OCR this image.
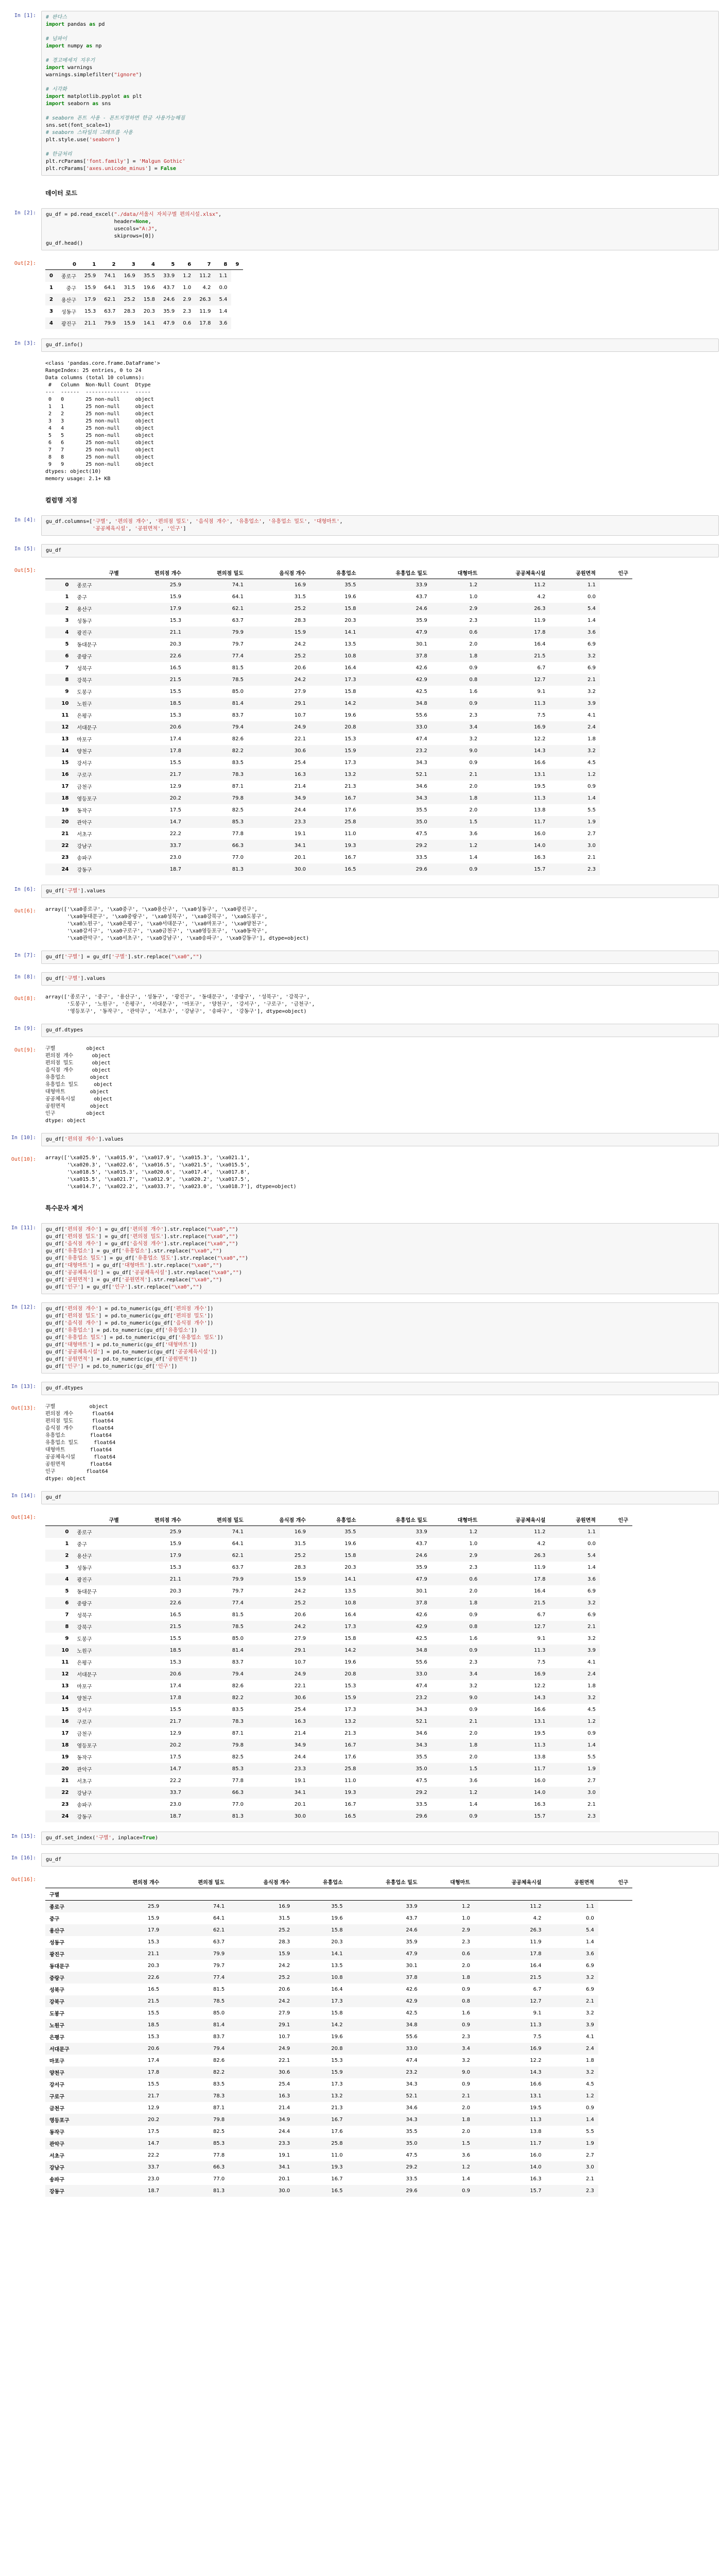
In [1]:	# 판다스
import pandas as pd

# 넘파이
import numpy as np

# 경고메세지 지우기
import warnings
warnings.simplefilter("ignore")

# 시각화
import matplotlib.pyplot as plt
import seaborn as sns

# seaborn 폰트 사용 - 폰트지정하면 한글 사용가능해짐
sns.set(font_scale=1)
# seaborn 스타일의 그래프를 사용
plt.style.use('seaborn')

# 한글처리
plt.rcParams['font.family'] = 'Malgun Gothic'
plt.rcParams['axes.unicode_minus'] = False
데이터 로드
In [2]:	gu_df = pd.read_excel("./data/서울시 자치구별 편의시설.xlsx",
header=None,
usecols="A:J",
skiprows=[0])
gu_df.head()
Out[2]:
		0	1	2	3	4	5	6	7	8	9
0	종로구	25.9	74.1	16.9	35.5	33.9	1.2	11.2	1.1	
1	중구	15.9	64.1	31.5	19.6	43.7	1.0	4.2	0.0	
2	용산구	17.9	62.1	25.2	15.8	24.6	2.9	26.3	5.4	
3	성동구	15.3	63.7	28.3	20.3	35.9	2.3	11.9	1.4	
4	광진구	21.1	79.9	15.9	14.1	47.9	0.6	17.8	3.6	
In [3]:	gu_df.info()
<class 'pandas.core.frame.DataFrame'>
RangeIndex: 25 entries, 0 to 24
Data columns (total 10 columns):
#   Column  Non-Null Count  Dtype
---  ------  --------------  -----
0   0       25 non-null     object
1   1       25 non-null     object
2   2       25 non-null     object
3   3       25 non-null     object
4   4       25 non-null     object
5   5       25 non-null     object
6   6       25 non-null     object
7   7       25 non-null     object
8   8       25 non-null     object
9   9       25 non-null     object
dtypes: object(10)
memory usage: 2.1+ KB
컬럼명 지정
In [4]:	gu_df.columns=['구별', '편의점 개수', '편의점 밀도', '음식점 개수', '유흥업소', '유흥업소 밀도', '대형마트',
'공공체육시설', '공원면적', '인구']
In [5]:	gu_df
Out[5]:
	구별	편의점 개수	편의점 밀도	음식점 개수	유흥업소	유흥업소 밀도	대형마트	공공체육시설	공원면적	인구
0	종로구	25.9	74.1	16.9	35.5	33.9	1.2	11.2	1.1	
1	중구	15.9	64.1	31.5	19.6	43.7	1.0	4.2	0.0	
2	용산구	17.9	62.1	25.2	15.8	24.6	2.9	26.3	5.4	
3	성동구	15.3	63.7	28.3	20.3	35.9	2.3	11.9	1.4	
4	광진구	21.1	79.9	15.9	14.1	47.9	0.6	17.8	3.6	
5	동대문구	20.3	79.7	24.2	13.5	30.1	2.0	16.4	6.9	
6	중랑구	22.6	77.4	25.2	10.8	37.8	1.8	21.5	3.2	
7	성북구	16.5	81.5	20.6	16.4	42.6	0.9	6.7	6.9	
8	강북구	21.5	78.5	24.2	17.3	42.9	0.8	12.7	2.1	
9	도봉구	15.5	85.0	27.9	15.8	42.5	1.6	9.1	3.2	
10	노원구	18.5	81.4	29.1	14.2	34.8	0.9	11.3	3.9	
11	은평구	15.3	83.7	10.7	19.6	55.6	2.3	7.5	4.1	
12	서대문구	20.6	79.4	24.9	20.8	33.0	3.4	16.9	2.4	
13	마포구	17.4	82.6	22.1	15.3	47.4	3.2	12.2	1.8	
14	양천구	17.8	82.2	30.6	15.9	23.2	9.0	14.3	3.2	
15	강서구	15.5	83.5	25.4	17.3	34.3	0.9	16.6	4.5	
16	구로구	21.7	78.3	16.3	13.2	52.1	2.1	13.1	1.2	
17	금천구	12.9	87.1	21.4	21.3	34.6	2.0	19.5	0.9	
18	영등포구	20.2	79.8	34.9	16.7	34.3	1.8	11.3	1.4	
19	동작구	17.5	82.5	24.4	17.6	35.5	2.0	13.8	5.5	
20	관악구	14.7	85.3	23.3	25.8	35.0	1.5	11.7	1.9	
21	서초구	22.2	77.8	19.1	11.0	47.5	3.6	16.0	2.7	
22	강남구	33.7	66.3	34.1	19.3	29.2	1.2	14.0	3.0	
23	송파구	23.0	77.0	20.1	16.7	33.5	1.4	16.3	2.1	
24	강동구	18.7	81.3	30.0	16.5	29.6	0.9	15.7	2.3	
In [6]:	gu_df['구별'].values
Out[6]:	array(['\xa0종로구', '\xa0중구', '\xa0용산구', '\xa0성동구', '\xa0광진구',
'\xa0동대문구', '\xa0중랑구', '\xa0성북구', '\xa0강북구', '\xa0도봉구',
'\xa0노원구', '\xa0은평구', '\xa0서대문구', '\xa0마포구', '\xa0양천구',
'\xa0강서구', '\xa0구로구', '\xa0금천구', '\xa0영등포구', '\xa0동작구',
'\xa0관악구', '\xa0서초구', '\xa0강남구', '\xa0송파구', '\xa0강동구'], dtype=object)
In [7]:	gu_df['구별'] = gu_df['구별'].str.replace("\xa0","")
In [8]:	gu_df['구별'].values
Out[8]:	array(['종로구', '중구', '용산구', '성동구', '광진구', '동대문구', '중랑구', '성북구', '강북구',
'도봉구', '노원구', '은평구', '서대문구', '마포구', '양천구', '강서구', '구로구', '금천구',
'영등포구', '동작구', '관악구', '서초구', '강남구', '송파구', '강동구'], dtype=object)
In [9]:	gu_df.dtypes
Out[9]:	구별          object
편의점 개수      object
편의점 밀도      object
음식점 개수      object
유흥업소        object
유흥업소 밀도     object
대형마트        object
공공체육시설      object
공원면적        object
인구          object
dtype: object
In [10]:	gu_df['편의점 개수'].values
Out[10]:	array(['\xa025.9', '\xa015.9', '\xa017.9', '\xa015.3', '\xa021.1',
'\xa020.3', '\xa022.6', '\xa016.5', '\xa021.5', '\xa015.5',
'\xa018.5', '\xa015.3', '\xa020.6', '\xa017.4', '\xa017.8',
'\xa015.5', '\xa021.7', '\xa012.9', '\xa020.2', '\xa017.5',
'\xa014.7', '\xa022.2', '\xa033.7', '\xa023.0', '\xa018.7'], dtype=object)
특수문자 제거
In [11]:	gu_df['편의점 개수'] = gu_df['편의점 개수'].str.replace("\xa0","")
gu_df['편의점 밀도'] = gu_df['편의점 밀도'].str.replace("\xa0","")
gu_df['음식점 개수'] = gu_df['음식점 개수'].str.replace("\xa0","")
gu_df['유흥업소'] = gu_df['유흥업소'].str.replace("\xa0","")
gu_df['유흥업소 밀도'] = gu_df['유흥업소 밀도'].str.replace("\xa0","")
gu_df['대형마트'] = gu_df['대형마트'].str.replace("\xa0","")
gu_df['공공체육시설'] = gu_df['공공체육시설'].str.replace("\xa0","")
gu_df['공원면적'] = gu_df['공원면적'].str.replace("\xa0","")
gu_df['인구'] = gu_df['인구'].str.replace("\xa0","")
In [12]:	gu_df['편의점 개수'] = pd.to_numeric(gu_df['편의점 개수'])
gu_df['편의점 밀도'] = pd.to_numeric(gu_df['편의점 밀도'])
gu_df['음식점 개수'] = pd.to_numeric(gu_df['음식점 개수'])
gu_df['유흥업소'] = pd.to_numeric(gu_df['유흥업소'])
gu_df['유흥업소 밀도'] = pd.to_numeric(gu_df['유흥업소 밀도'])
gu_df['대형마트'] = pd.to_numeric(gu_df['대형마트'])
gu_df['공공체육시설'] = pd.to_numeric(gu_df['공공체육시설'])
gu_df['공원면적'] = pd.to_numeric(gu_df['공원면적'])
gu_df['인구'] = pd.to_numeric(gu_df['인구'])
In [13]:	gu_df.dtypes
Out[13]:	구별           object
편의점 개수      float64
편의점 밀도      float64
음식점 개수      float64
유흥업소        float64
유흥업소 밀도     float64
대형마트        float64
공공체육시설      float64
공원면적        float64
인구          float64
dtype: object
In [14]:	gu_df
Out[14]:
	구별	편의점 개수	편의점 밀도	음식점 개수	유흥업소	유흥업소 밀도	대형마트	공공체육시설	공원면적	인구
0	종로구	25.9	74.1	16.9	35.5	33.9	1.2	11.2	1.1	
1	중구	15.9	64.1	31.5	19.6	43.7	1.0	4.2	0.0	
2	용산구	17.9	62.1	25.2	15.8	24.6	2.9	26.3	5.4	
3	성동구	15.3	63.7	28.3	20.3	35.9	2.3	11.9	1.4	
4	광진구	21.1	79.9	15.9	14.1	47.9	0.6	17.8	3.6	
5	동대문구	20.3	79.7	24.2	13.5	30.1	2.0	16.4	6.9	
6	중랑구	22.6	77.4	25.2	10.8	37.8	1.8	21.5	3.2	
7	성북구	16.5	81.5	20.6	16.4	42.6	0.9	6.7	6.9	
8	강북구	21.5	78.5	24.2	17.3	42.9	0.8	12.7	2.1	
9	도봉구	15.5	85.0	27.9	15.8	42.5	1.6	9.1	3.2	
10	노원구	18.5	81.4	29.1	14.2	34.8	0.9	11.3	3.9	
11	은평구	15.3	83.7	10.7	19.6	55.6	2.3	7.5	4.1	
12	서대문구	20.6	79.4	24.9	20.8	33.0	3.4	16.9	2.4	
13	마포구	17.4	82.6	22.1	15.3	47.4	3.2	12.2	1.8	
14	양천구	17.8	82.2	30.6	15.9	23.2	9.0	14.3	3.2	
15	강서구	15.5	83.5	25.4	17.3	34.3	0.9	16.6	4.5	
16	구로구	21.7	78.3	16.3	13.2	52.1	2.1	13.1	1.2	
17	금천구	12.9	87.1	21.4	21.3	34.6	2.0	19.5	0.9	
18	영등포구	20.2	79.8	34.9	16.7	34.3	1.8	11.3	1.4	
19	동작구	17.5	82.5	24.4	17.6	35.5	2.0	13.8	5.5	
20	관악구	14.7	85.3	23.3	25.8	35.0	1.5	11.7	1.9	
21	서초구	22.2	77.8	19.1	11.0	47.5	3.6	16.0	2.7	
22	강남구	33.7	66.3	34.1	19.3	29.2	1.2	14.0	3.0	
23	송파구	23.0	77.0	20.1	16.7	33.5	1.4	16.3	2.1	
24	강동구	18.7	81.3	30.0	16.5	29.6	0.9	15.7	2.3	
In [15]:	gu_df.set_index('구별', inplace=True)
In [16]:	gu_df
Out[16]:
	편의점 개수	편의점 밀도	음식점 개수	유흥업소	유흥업소 밀도	대형마트	공공체육시설	공원면적	인구
구별									
종로구	25.9	74.1	16.9	35.5	33.9	1.2	11.2	1.1	
중구	15.9	64.1	31.5	19.6	43.7	1.0	4.2	0.0	
용산구	17.9	62.1	25.2	15.8	24.6	2.9	26.3	5.4	
성동구	15.3	63.7	28.3	20.3	35.9	2.3	11.9	1.4	
광진구	21.1	79.9	15.9	14.1	47.9	0.6	17.8	3.6	
동대문구	20.3	79.7	24.2	13.5	30.1	2.0	16.4	6.9	
중랑구	22.6	77.4	25.2	10.8	37.8	1.8	21.5	3.2	
성북구	16.5	81.5	20.6	16.4	42.6	0.9	6.7	6.9	
강북구	21.5	78.5	24.2	17.3	42.9	0.8	12.7	2.1	
도봉구	15.5	85.0	27.9	15.8	42.5	1.6	9.1	3.2	
노원구	18.5	81.4	29.1	14.2	34.8	0.9	11.3	3.9	
은평구	15.3	83.7	10.7	19.6	55.6	2.3	7.5	4.1	
서대문구	20.6	79.4	24.9	20.8	33.0	3.4	16.9	2.4	
마포구	17.4	82.6	22.1	15.3	47.4	3.2	12.2	1.8	
양천구	17.8	82.2	30.6	15.9	23.2	9.0	14.3	3.2	
강서구	15.5	83.5	25.4	17.3	34.3	0.9	16.6	4.5	
구로구	21.7	78.3	16.3	13.2	52.1	2.1	13.1	1.2	
금천구	12.9	87.1	21.4	21.3	34.6	2.0	19.5	0.9	
영등포구	20.2	79.8	34.9	16.7	34.3	1.8	11.3	1.4	
동작구	17.5	82.5	24.4	17.6	35.5	2.0	13.8	5.5	
관악구	14.7	85.3	23.3	25.8	35.0	1.5	11.7	1.9	
서초구	22.2	77.8	19.1	11.0	47.5	3.6	16.0	2.7	
강남구	33.7	66.3	34.1	19.3	29.2	1.2	14.0	3.0	
송파구	23.0	77.0	20.1	16.7	33.5	1.4	16.3	2.1	
강동구	18.7	81.3	30.0	16.5	29.6	0.9	15.7	2.3	
